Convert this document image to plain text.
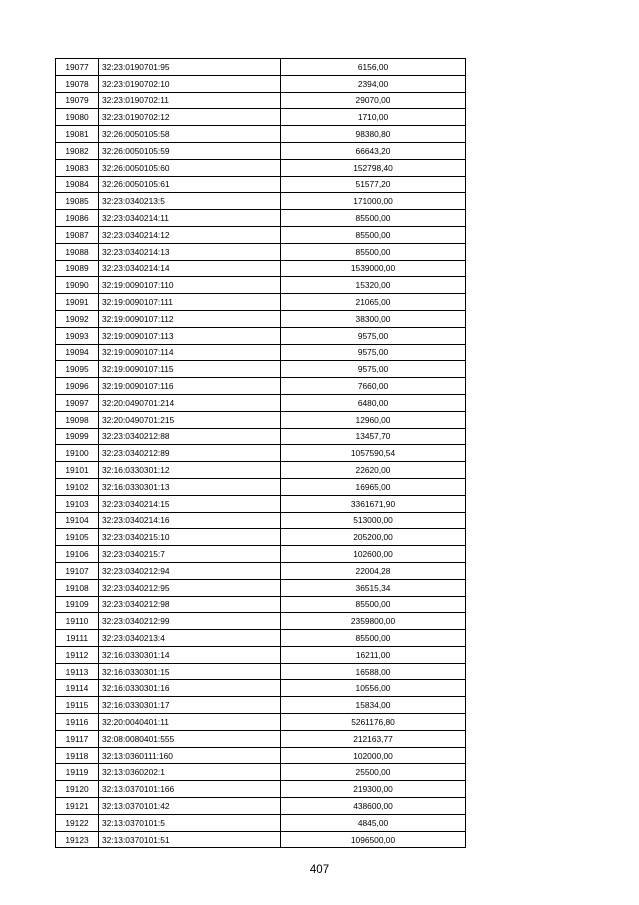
19077	32:23:0190701:95	6156,00
19078	32:23:0190702:10	2394,00
19079	32:23:0190702:11	29070,00
19080	32:23:0190702:12	1710,00
19081	32:26:0050105:58	98380,80
19082	32:26:0050105:59	66643,20
19083	32:26:0050105:60	152798,40
19084	32:26:0050105:61	51577,20
19085	32:23:0340213:5	171000,00
19086	32:23:0340214:11	85500,00
19087	32:23:0340214:12	85500,00
19088	32:23:0340214:13	85500,00
19089	32:23:0340214:14	1539000,00
19090	32:19:0090107:110	15320,00
19091	32:19:0090107:111	21065,00
19092	32:19:0090107:112	38300,00
19093	32:19:0090107:113	9575,00
19094	32:19:0090107:114	9575,00
19095	32:19:0090107:115	9575,00
19096	32:19:0090107:116	7660,00
19097	32:20:0490701:214	6480,00
19098	32:20:0490701:215	12960,00
19099	32:23:0340212:88	13457,70
19100	32:23:0340212:89	1057590,54
19101	32:16:0330301:12	22620,00
19102	32:16:0330301:13	16965,00
19103	32:23:0340214:15	3361671,90
19104	32:23:0340214:16	513000,00
19105	32:23:0340215:10	205200,00
19106	32:23:0340215:7	102600,00
19107	32:23:0340212:94	22004,28
19108	32:23:0340212:95	36515,34
19109	32:23:0340212:98	85500,00
19110	32:23:0340212:99	2359800,00
19111	32:23:0340213:4	85500,00
19112	32:16:0330301:14	16211,00
19113	32:16:0330301:15	16588,00
19114	32:16:0330301:16	10556,00
19115	32:16:0330301:17	15834,00
19116	32:20:0040401:11	5261176,80
19117	32:08:0080401:555	212163,77
19118	32:13:0360111:160	102000,00
19119	32:13:0360202:1	25500,00
19120	32:13:0370101:166	219300,00
19121	32:13:0370101:42	438600,00
19122	32:13:0370101:5	4845,00
19123	32:13:0370101:51	1096500,00
407
